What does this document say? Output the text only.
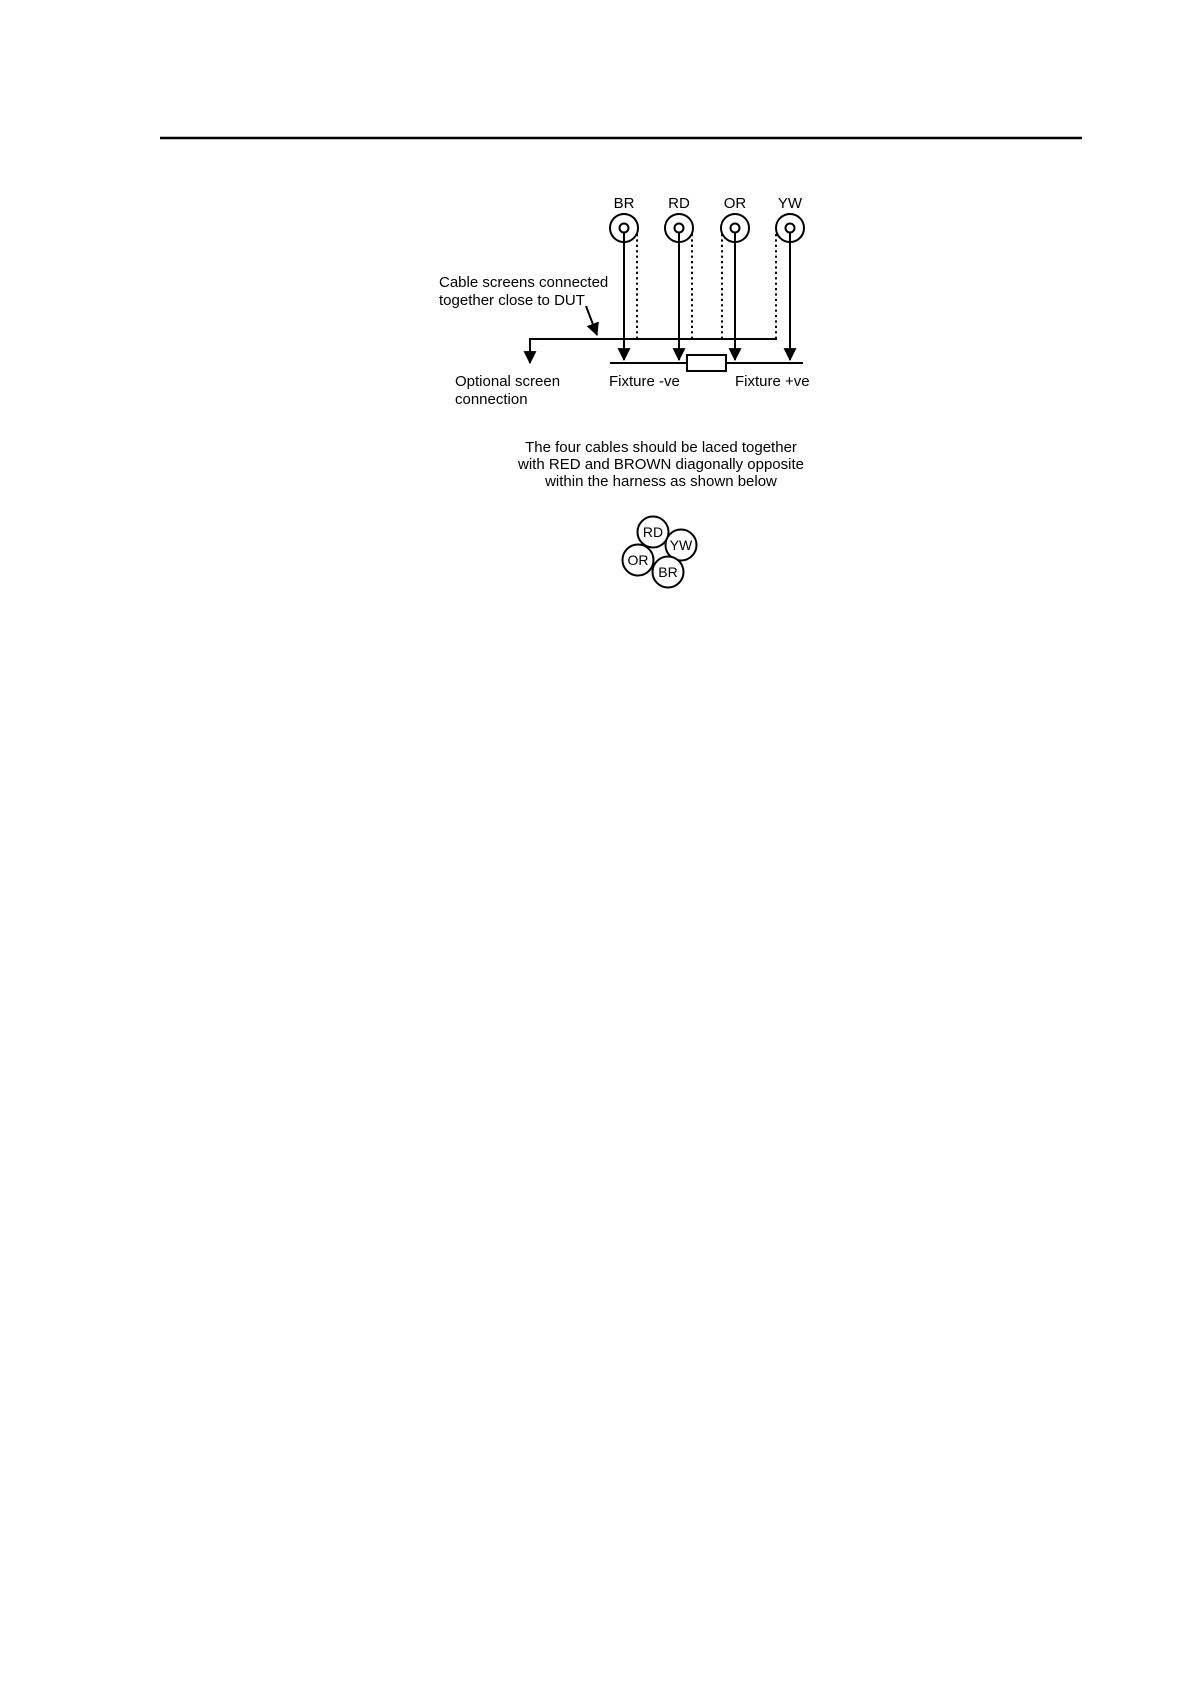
BR RD OR YW
Cable screens connected
together close to DUT
Optional screen
connection
Fixture -ve	Fixture +ve
The four cables should be laced together
with RED and BROWN diagonally opposite
within the harness as shown below
RD
YW
OR
BR
